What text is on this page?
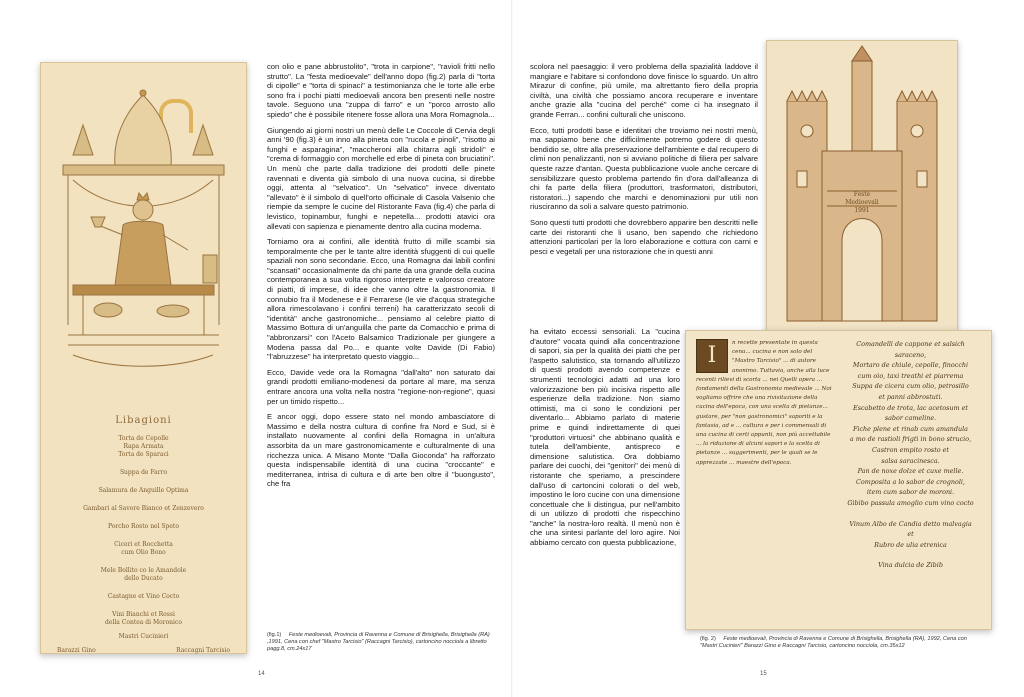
Libagioni
Torta de Cepolle
Rapa Armata
Torta de Sparaci
Suppa de Farro
Salamura de Anguille Optima
Gambari al Savore Bianco et Zenzevero
Porcho Rosto nel Speto
Ciceri et Rocchetta
cum Olio Bono
Mele Bollito co le Amandole
dello Ducato
Castagne et Vino Cocto
Vini Bianchi et Rossi
della Contea di Moronico
Mastri Cucinieri
Barazzi Gino	Raccagni Tarcisio

con olio e pane abbrustolito", "trota in carpione", "ravioli fritti nello strutto". La "festa medioevale" dell'anno dopo (fig.2) parla di "torta di cipolle" e "torta di spinaci" a testimonianza che le torte alle erbe sono fra i pochi piatti medioevali ancora ben presenti nelle nostre tavole. Seguono una "zuppa di farro" e un "porco arrosto allo spiedo" che è possibile ritenere fosse allora una Mora Romagnola...

Giungendo ai giorni nostri un menù delle Le Coccole di Cervia degli anni '90 (fig.3) è un inno alla pineta con "rucola e pinoli", "risotto ai funghi e asparagina", "maccheroni alla chitarra agli stridoli" e "crema di formaggio con morchelle ed erbe di pineta con bruciatini". Un menù che parte dalla tradizione dei prodotti delle pinete ravennati e diventa già simbolo di una nuova cucina, si direbbe oggi, attenta al "selvatico". Un "selvatico" invece diventato "allevato" è il simbolo di quell'orto officinale di Casola Valsenio che riempie da sempre le cucine del Ristorante Fava (fig.4) che parla di levistico, topinambur, funghi e nepetella... prodotti atavici ora allevati con sapienza e pienamente dentro alla cucina moderna.

Torniamo ora ai confini, alle identità frutto di mille scambi sia temporalmente che per le tante altre identità sfuggenti di cui quelle spaziali non sono secondarie. Ecco, una Romagna dai labili confini "scansati" occasionalmente da chi parte da una grande della cucina contemporanea a sua volta rigoroso interprete e valoroso creatore di piatti, di imprese, di idee che vanno oltre la gastronomia. Il connubio fra il Modenese e il Ferrarese (le vie d'acqua strategiche allora rimescolavano i confini terreni) ha caratterizzato secoli di "identità" anche gastronomiche... pensiamo al celebre piatto di Massimo Bottura di un'anguilla che parte da Comacchio e prima di "abbronzarsi" con l'Aceto Balsamico Tradizionale per giungere a Modena passa dal Po... e quante volte Davide (Di Fabio) "l'abruzzese" ha interpretato questo viaggio...

Ecco, Davide vede ora la Romagna "dall'alto" non saturato dai grandi prodotti emiliano-modenesi da portare al mare, ma senza entrare ancora una volta nella nostra "regione-non-regione", quasi per un timido rispetto...

E ancor oggi, dopo essere stato nel mondo ambasciatore di Massimo e della nostra cultura di confine fra Nord e Sud, si è installato nuovamente al confini della Romagna in un'altura assorbita da un mare gastronomicamente e culturalmente di una ricchezza unica. A Misano Monte "Dalla Gioconda" ha rafforzato questa indispensabile identità di una cucina "croccante" e mediterranea, intrisa di cultura e di arte ben oltre il "buongusto", che fra

(fig.1) Feste medioevali, Provincia di Ravenna e Comune di Brisighella, Brisighella (RA) ,1991, Cena con chef "Mastro Tarcisio" (Raccagni Tarcisio), cartoncino nocciola a libretto pagg.8, cm.24x17
14

scolora nel paesaggio: il vero problema della spazialità laddove il mangiare e l'abitare si confondono dove finisce lo sguardo. Un altro Mirazur di confine, più umile, ma altrettanto fiero della propria civiltà, una civiltà che possiamo ancora recuperare e inventare anche grazie alla "cucina del perché" come ci ha insegnato il grande Ferran... confini culturali che uniscono.

Ecco, tutti prodotti base e identitari che troviamo nei nostri menù, ma sappiamo bene che difficilmente potremo godere di questo bendidio se, oltre alla preservazione dell'ambiente e dal recupero di climi non penalizzanti, non si avviano politiche di filiera per salvare queste razze d'antan. Questa pubblicazione vuole anche cercare di sensibilizzare questo problema partendo fin d'ora dall'alleanza di chi fa parte della filiera (produttori, trasformatori, distributori, ristoratori...) sapendo che marchi e denominazioni pur utili non riusciranno da soli a salvare questo patrimonio.

Sono questi tutti prodotti che dovrebbero apparire ben descritti nelle carte dei ristoranti che li usano, ben sapendo che richiedono attenzioni particolari per la loro elaborazione e cottura con carni e pesci e vegetali per una ristorazione che in questi anni

ha evitato eccessi sensoriali. La "cucina d'autore" vocata quindi alla concentrazione di sapori, sia per la qualità dei piatti che per l'aspetto salutistico, sta tornando all'utilizzo di questi prodotti avendo competenze e strumenti tecnologici adatti ad una loro valorizzazione ben più incisiva rispetto alle esperienze della tradizione. Non siamo ottimisti, ma ci sono le condizioni per diventarlo... Abbiamo parlato di materie prime e quindi indirettamente di quei "produttori virtuosi" che abbinano qualità e tutela dell'ambiente, antispreco e dimensione salutistica. Ora dobbiamo parlare dei cuochi, dei "genitori" dei menù di ristorante che speriamo, a prescindere dall'uso di cartoncini colorati o del web, impostino le loro cucine con una dimensione concettuale che li distingua, pur nell'ambito di un utilizzo di prodotti che rispecchino "anche" la nostra-loro realtà. Il menù non è che una sintesi parlante del loro agire. Noi abbiamo cercato con questa pubblicazione,

Feste
Medioevali
1991
I	n recette presentate in questa cena... cucina e non solo del "Mastro Tarcisio" ... di autore anonimo. Tuttavia, anche alla luce recenti rilievi di scorta ... nei Quelli opera ... fondamenti della Gastronomia medievale ... Noi vogliamo offrire che una rivisitazione della cucina dell'epoca, con una scelta di pietanze... gustare, per "non gastronomici" saporiti e la fantasia, ad e ... cultura e per i commensali di una cucina di certi appunti, non più accettabile ... la riduzione di alcuni sapori e la scelta di pietanze ... suggerimenti, per le quali se le apprezzate ... maestre dell'epoca.
Comandelli de cappone et salsich
saraceno,
Mortaro de chiule, cepolle, finocchi
cum oio, taxi treathi et piarrema
Suppa de cicera cum olio, petrosillo
et panni abbrostuti.
Escabetto de trota, lac acetosum et
sabor cameline.
Fiche plene et rinab cum amandula
a mo de rastioli frigti in bono strucio,
Castron empito rosto et
salsa saracinesca.
Pan de noxe dolze et cuxe melle.
Composita a lo sabor de crognoli,
item cum sabor de moroni.
Gibibo passula amoglio cum vino cocto
Vinum Albo de Candia detto malvagia
et
Rubro de ulia etrenica
Vina dulcia de Zibib
(fig. 2) Feste medioevali, Provincia di Ravenna e Comune di Brisighella, Brisighella (RA), 1992, Cena con "Mastri Cucinieri" Barazzi Gino e Raccagni Tarcisio, cartoncino nocciola, cm.35x12
15
